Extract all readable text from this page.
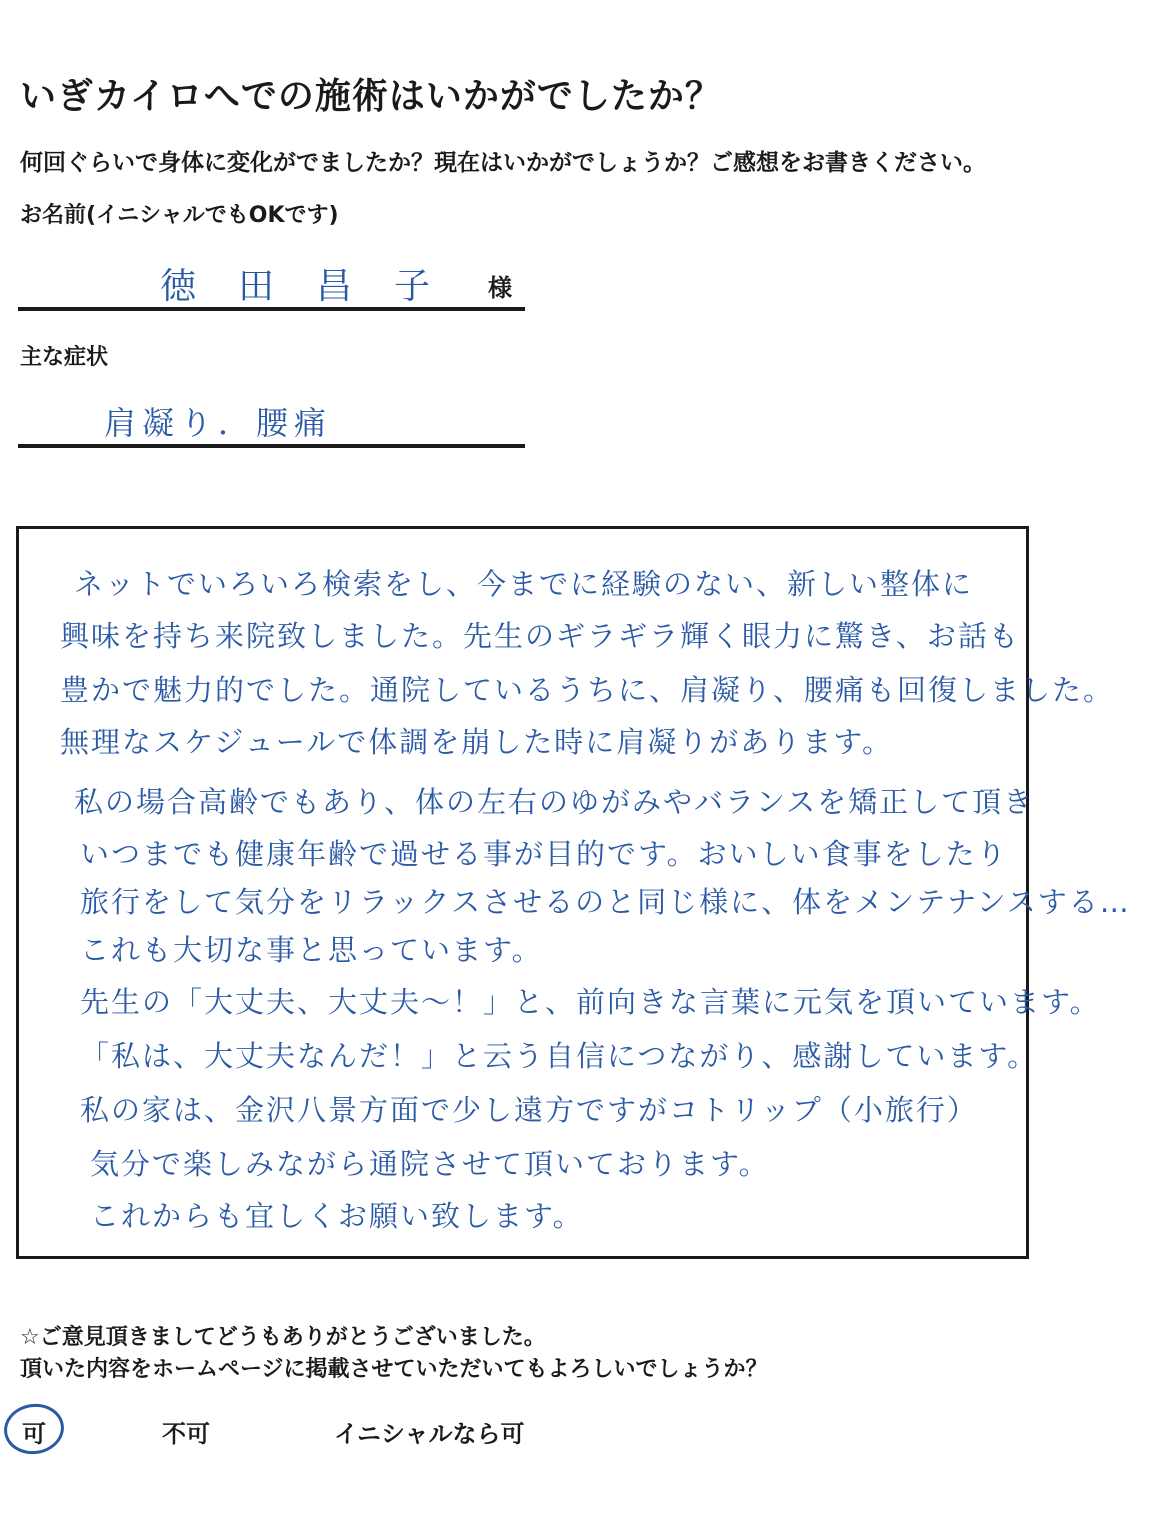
いぎカイロへでの施術はいかがでしたか？
何回ぐらいで身体に変化がでましたか？現在はいかがでしょうか？ご感想をお書きください。
お名前(イニシャルでもOKです)
徳田昌子 様
主な症状
肩凝り．腰痛
ネットでいろいろ検索をし、今までに経験のない、新しい整体に
興味を持ち来院致しました。先生のギラギラ輝く眼力に驚き、お話も
豊かで魅力的でした。通院しているうちに、肩凝り、腰痛も回復しました。
無理なスケジュールで体調を崩した時に肩凝りがあります。
私の場合高齢でもあり、体の左右のゆがみやバランスを矯正して頂き
いつまでも健康年齢で過せる事が目的です。おいしい食事をしたり
旅行をして気分をリラックスさせるのと同じ様に、体をメンテナンスする…
これも大切な事と思っています。
先生の「大丈夫、大丈夫〜！」と、前向きな言葉に元気を頂いています。
「私は、大丈夫なんだ！」と云う自信につながり、感謝しています。
私の家は、金沢八景方面で少し遠方ですがコトリップ（小旅行）
気分で楽しみながら通院させて頂いております。
これからも宜しくお願い致します。
☆ご意見頂きましてどうもありがとうございました。
頂いた内容をホームページに掲載させていただいてもよろしいでしょうか？
可	不可	イニシャルなら可
